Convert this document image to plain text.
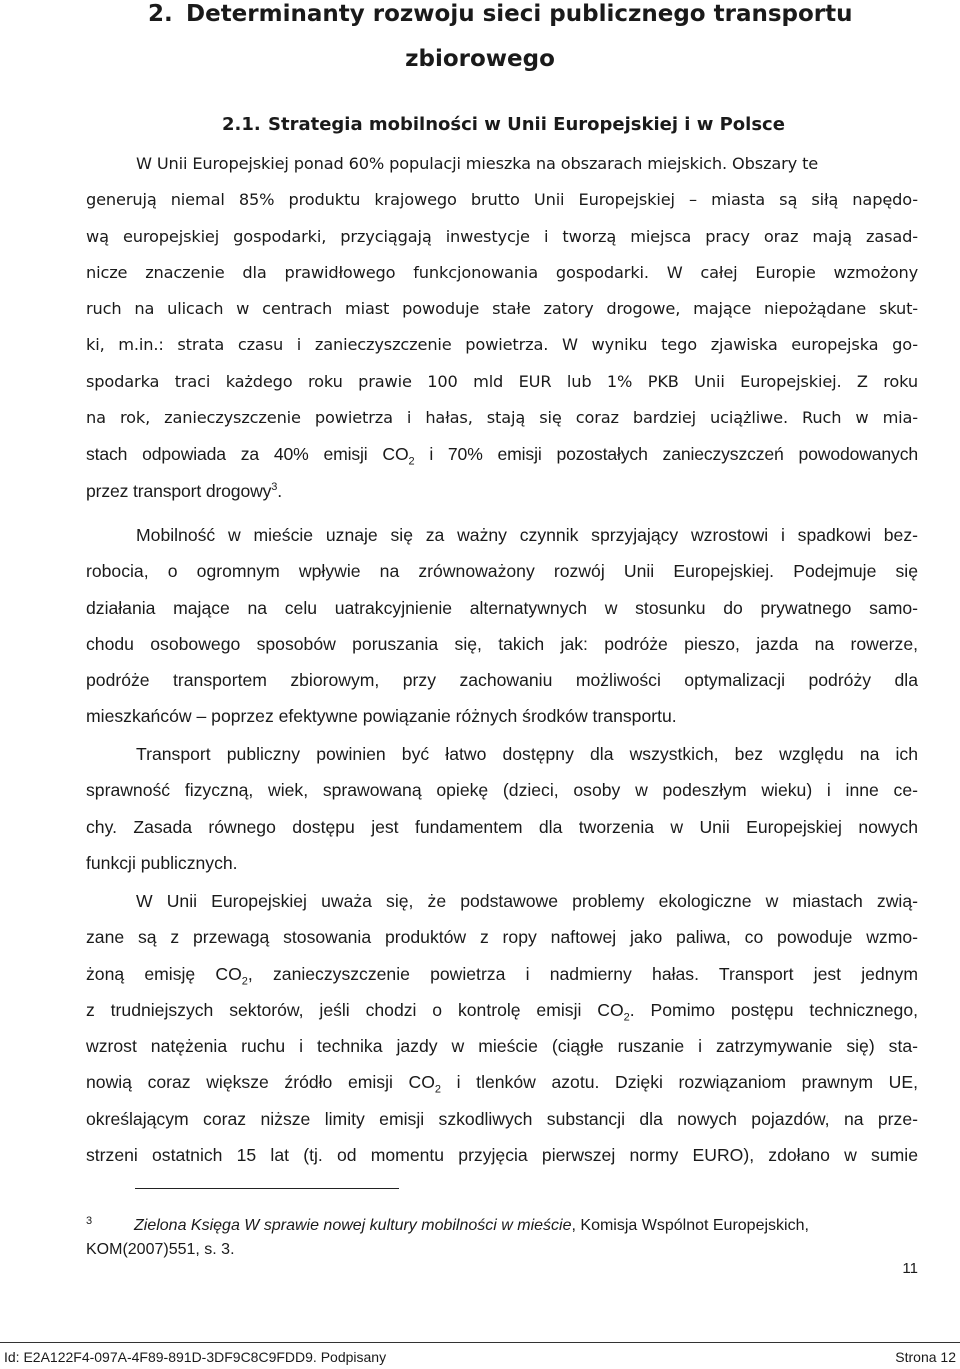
2. Determinanty rozwoju sieci publicznego transportu
zbiorowego
2.1. Strategia mobilności w Unii Europejskiej i w Polsce
W Unii Europejskiej ponad 60% populacji mieszka na obszarach miejskich. Obszary te
generują niemal 85% produktu krajowego brutto Unii Europejskiej – miasta są siłą napędo-
wą europejskiej gospodarki, przyciągają inwestycje i tworzą miejsca pracy oraz mają zasad-
nicze znaczenie dla prawidłowego funkcjonowania gospodarki. W całej Europie wzmożony
ruch na ulicach w centrach miast powoduje stałe zatory drogowe, mające niepożądane skut-
ki, m.in.: strata czasu i zanieczyszczenie powietrza. W wyniku tego zjawiska europejska go-
spodarka traci każdego roku prawie 100 mld EUR lub 1% PKB Unii Europejskiej. Z roku
na rok, zanieczyszczenie powietrza i hałas, stają się coraz bardziej uciążliwe. Ruch w mia-
stach odpowiada za 40% emisji $CO_2$ i 70% emisji pozostałych zanieczyszczeń powodowanych
przez transport drogowy$^3$.
Mobilność w mieście uznaje się za ważny czynnik sprzyjający wzrostowi i spadkowi bez-
robocia, o ogromnym wpływie na zrównoważony rozwój Unii Europejskiej. Podejmuje się
działania mające na celu uatrakcyjnienie alternatywnych w stosunku do prywatnego samo-
chodu osobowego sposobów poruszania się, takich jak: podróże pieszo, jazda na rowerze,
podróże transportem zbiorowym, przy zachowaniu możliwości optymalizacji podróży dla
mieszkańców – poprzez efektywne powiązanie różnych środków transportu.
Transport publiczny powinien być łatwo dostępny dla wszystkich, bez względu na ich
sprawność fizyczną, wiek, sprawowaną opiekę (dzieci, osoby w podeszłym wieku) i inne ce-
chy. Zasada równego dostępu jest fundamentem dla tworzenia w Unii Europejskiej nowych
funkcji publicznych.
W Unii Europejskiej uważa się, że podstawowe problemy ekologiczne w miastach zwią-
zane są z przewagą stosowania produktów z ropy naftowej jako paliwa, co powoduje wzmo-
żoną emisję $CO_2$, zanieczyszczenie powietrza i nadmierny hałas. Transport jest jednym
z trudniejszych sektorów, jeśli chodzi o kontrolę emisji $CO_2$. Pomimo postępu technicznego,
wzrost natężenia ruchu i technika jazdy w mieście (ciągłe ruszanie i zatrzymywanie się) sta-
nowią coraz większe źródło emisji $CO_2$ i tlenków azotu. Dzięki rozwiązaniom prawnym UE,
określającym coraz niższe limity emisji szkodliwych substancji dla nowych pojazdów, na prze-
strzeni ostatnich 15 lat (tj. od momentu przyjęcia pierwszej normy EURO), zdołano w sumie
3	Zielona Księga W sprawie nowej kultury mobilności w mieście, Komisja Wspólnot Europejskich,
KOM(2007)551, s. 3.
11
Id: E2A122F4-097A-4F89-891D-3DF9C8C9FDD9. Podpisany	Strona 12
